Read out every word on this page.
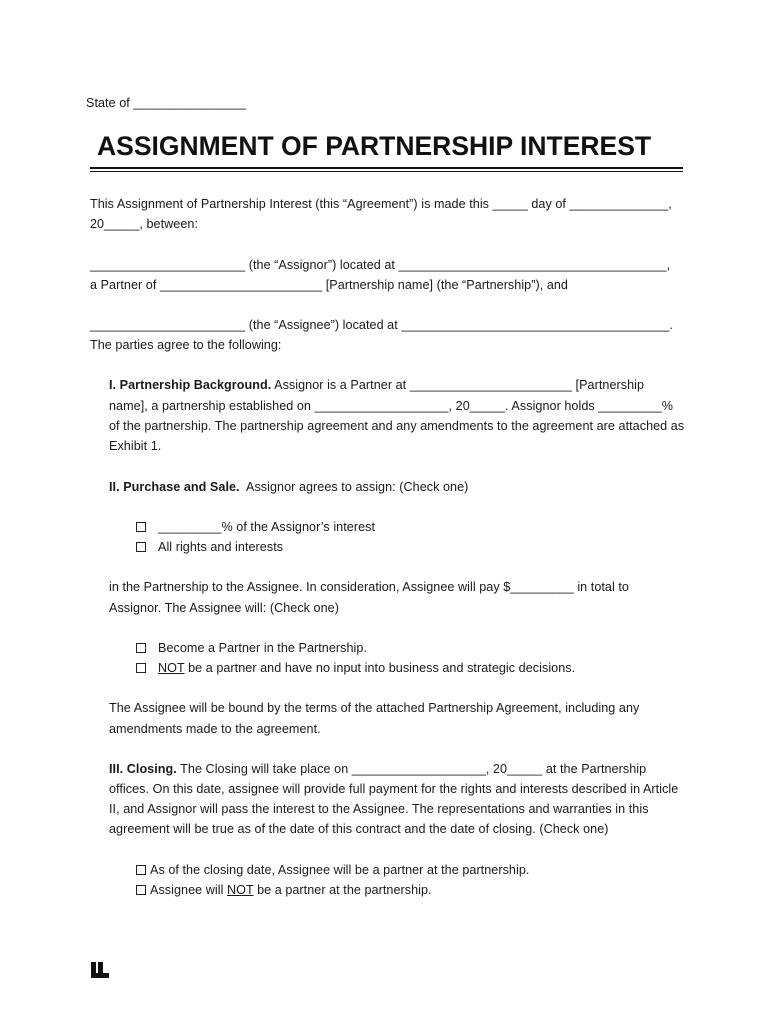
State of ________________
ASSIGNMENT OF PARTNERSHIP INTEREST
This Assignment of Partnership Interest (this “Agreement”) is made this _____ day of ______________,
20_____, between:
______________________ (the “Assignor”) located at ______________________________________,
a Partner of _______________________ [Partnership name] (the “Partnership”), and
______________________ (the “Assignee”) located at ______________________________________.
The parties agree to the following:
I. Partnership Background. Assignor is a Partner at _______________________ [Partnership
name], a partnership established on ___________________, 20_____. Assignor holds _________%
of the partnership. The partnership agreement and any amendments to the agreement are attached as
Exhibit 1.
II. Purchase and Sale.  Assignor agrees to assign: (Check one)
_________% of the Assignor’s interest
All rights and interests
in the Partnership to the Assignee. In consideration, Assignee will pay $_________ in total to
Assignor. The Assignee will: (Check one)
Become a Partner in the Partnership.
NOT be a partner and have no input into business and strategic decisions.
The Assignee will be bound by the terms of the attached Partnership Agreement, including any
amendments made to the agreement.
III. Closing. The Closing will take place on ___________________, 20_____ at the Partnership
offices. On this date, assignee will provide full payment for the rights and interests described in Article
II, and Assignor will pass the interest to the Assignee. The representations and warranties in this
agreement will be true as of the date of this contract and the date of closing. (Check one)
As of the closing date, Assignee will be a partner at the partnership.
Assignee will NOT be a partner at the partnership.
